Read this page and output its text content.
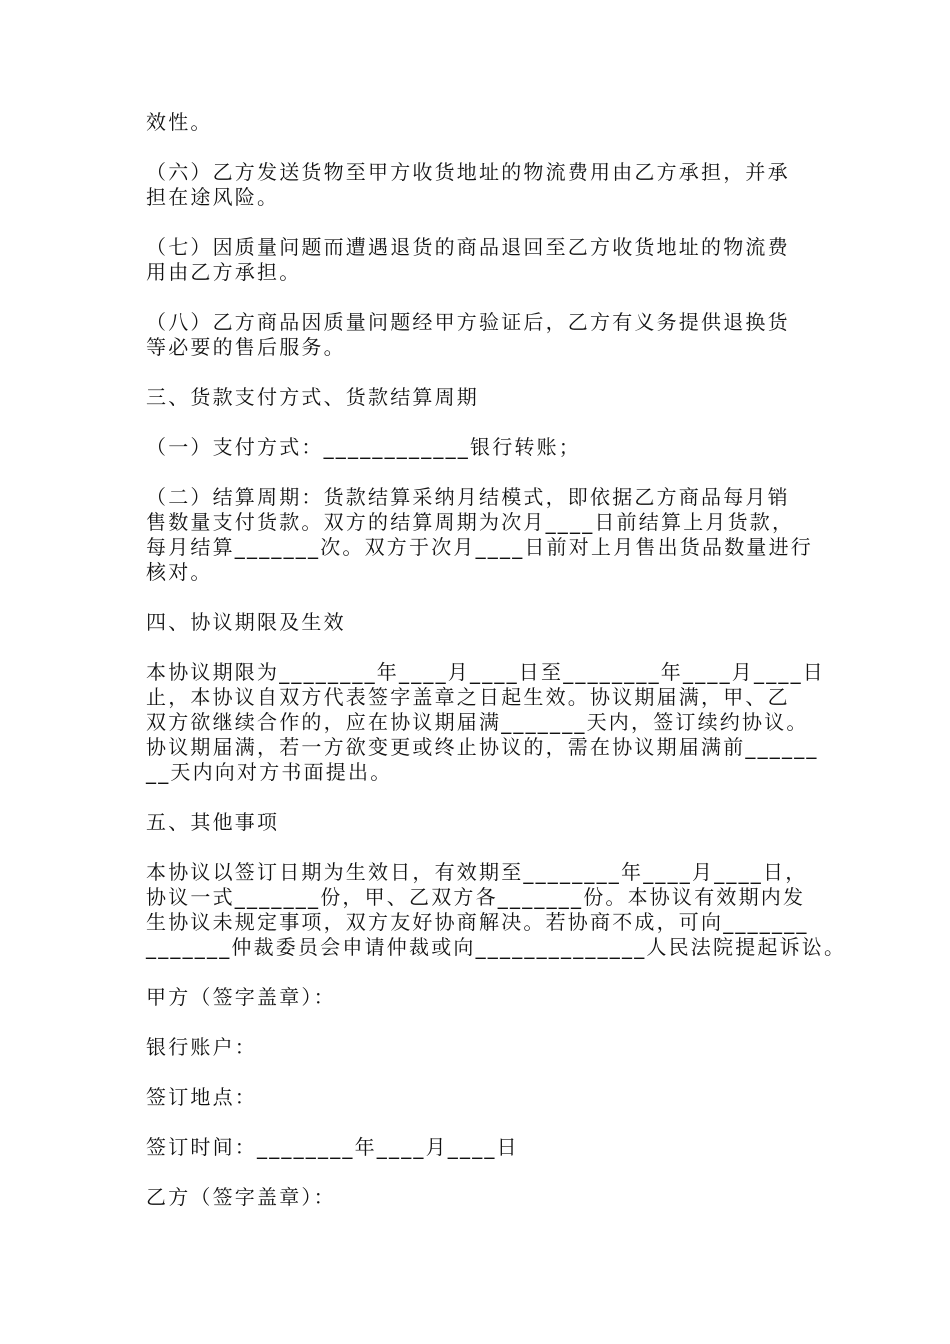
效性。
（六）乙方发送货物至甲方收货地址的物流费用由乙方承担，并承
担在途风险。
（七）因质量问题而遭遇退货的商品退回至乙方收货地址的物流费
用由乙方承担。
（八）乙方商品因质量问题经甲方验证后，乙方有义务提供退换货
等必要的售后服务。
三、货款支付方式、货款结算周期
（一）支付方式：____________银行转账；
（二）结算周期：货款结算采纳月结模式，即依据乙方商品每月销
售数量支付货款。双方的结算周期为次月____日前结算上月货款，
每月结算_______次。双方于次月____日前对上月售出货品数量进行
核对。
四、协议期限及生效
本协议期限为________年____月____日至________年____月____日
止，本协议自双方代表签字盖章之日起生效。协议期届满，甲、乙
双方欲继续合作的，应在协议期届满_______天内，签订续约协议。
协议期届满，若一方欲变更或终止协议的，需在协议期届满前______
__天内向对方书面提出。
五、其他事项
本协议以签订日期为生效日，有效期至________年____月____日，
协议一式_______份，甲、乙双方各_______份。本协议有效期内发
生协议未规定事项，双方友好协商解决。若协商不成，可向_______
_______仲裁委员会申请仲裁或向______________人民法院提起诉讼。
甲方（签字盖章）：
银行账户：
签订地点：
签订时间：________年____月____日
乙方（签字盖章）：
